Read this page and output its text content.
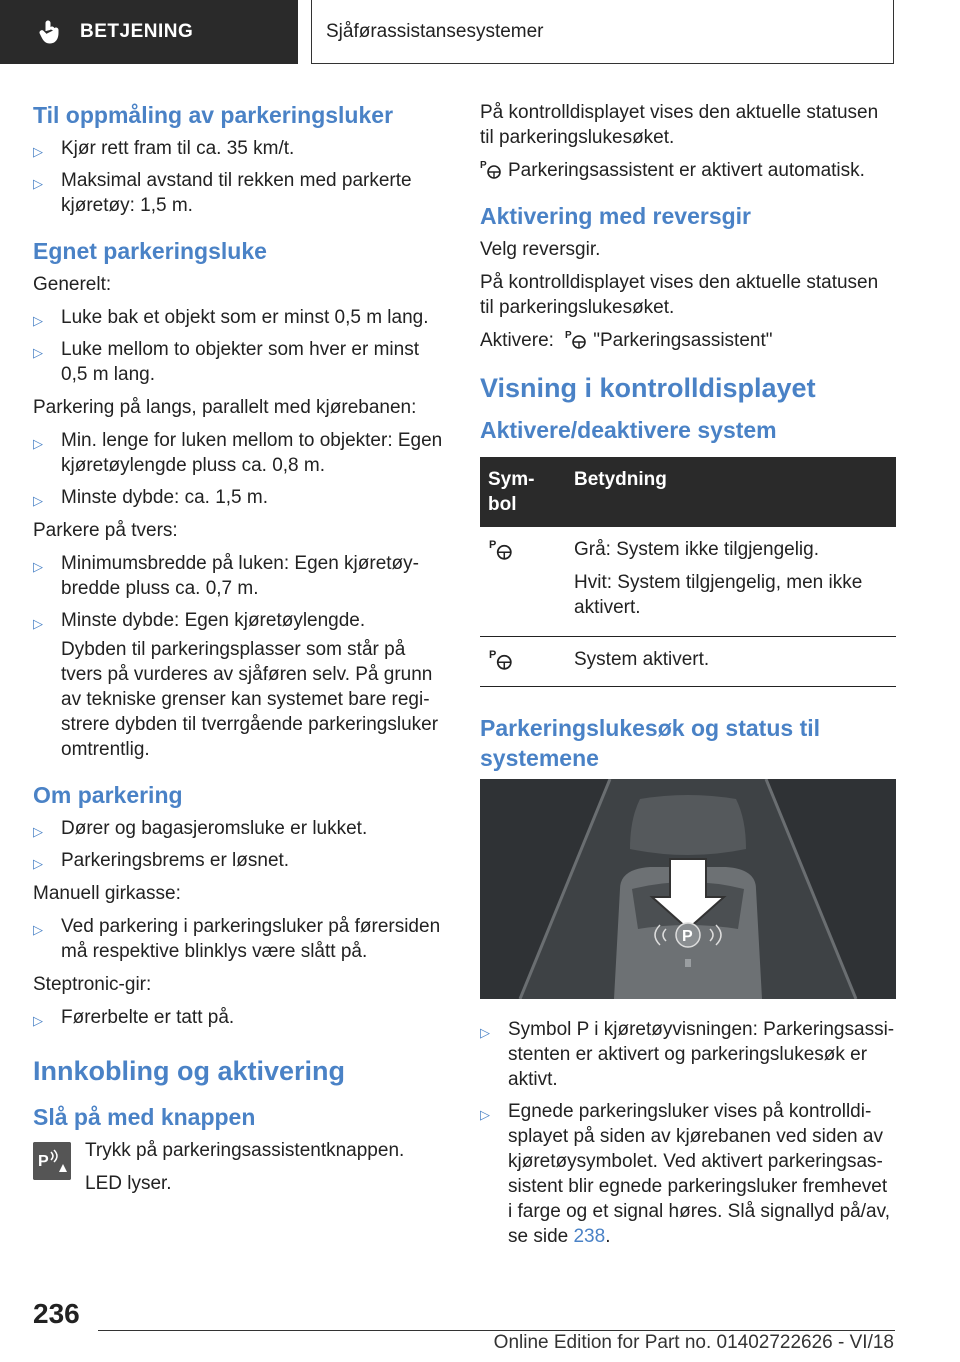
BETJENING	Sjåførassistansesystemer
Til oppmåling av parkeringsluker
▷ Kjør rett fram til ca. 35 km/t.
▷ Maksimal avstand til rekken med parkerte kjøretøy: 1,5 m.
Egnet parkeringsluke

Generelt:

▷ Luke bak et objekt som er minst 0,5 m lang.
▷ Luke mellom to objekter som hver er minst 0,5 m lang.

Parkering på langs, parallelt med kjørebanen:

▷ Min. lenge for luken mellom to objekter: Egen kjøretøylengde pluss ca. 0,8 m.
▷ Minste dybde: ca. 1,5 m.

Parkere på tvers:

▷ Minimumsbredde på luken: Egen kjøretøy-bredde pluss ca. 0,7 m.
▷ Minste dybde: Egen kjøretøylengde.
Dybden til parkeringsplasser som står på tvers på vurderes av sjåføren selv. På grunn av tekniske grenser kan systemet bare regi-strere dybden til tverrgående parkeringsluker omtrentlig.
Om parkering
▷ Dører og bagasjeromsluke er lukket.
▷ Parkeringsbrems er løsnet.

Manuell girkasse:

▷ Ved parkering i parkeringsluker på førersiden må respektive blinklys være slått på.

Steptronic-gir:

▷ Førerbelte er tatt på.
Innkobling og aktivering
Slå på med knappen
P

Trykk på parkeringsassistentknappen.

LED lyser.

På kontrolldisplayet vises den aktuelle statusen til parkeringslukesøket.

P Parkeringsassistent er aktivert automatisk.

Aktivering med reversgir

Velg reversgir.

På kontrolldisplayet vises den aktuelle statusen til parkeringslukesøket.

Aktivere: P "Parkeringsassistent"

Visning i kontrolldisplayet
Aktivere/deaktivere system
Sym-bol	Betydning

P	Grå: System ikke tilgjengelig.

Hvit: System tilgjengelig, men ikke aktivert.

P	System aktivert.
Parkeringslukesøk og status til systemene
P
▷ Symbol P i kjøretøyvisningen: Parkeringsassi-stenten er aktivert og parkeringslukesøk er aktivt.
▷ Egnede parkeringsluker vises på kontrolldi-splayet på siden av kjørebanen ved siden av kjøretøysymbolet. Ved aktivert parkeringsas-sistent blir egnede parkeringsluker fremhevet i farge og et signal høres. Slå signallyd på/av, se side 238.
236
Online Edition for Part no. 01402722626 - VI/18
